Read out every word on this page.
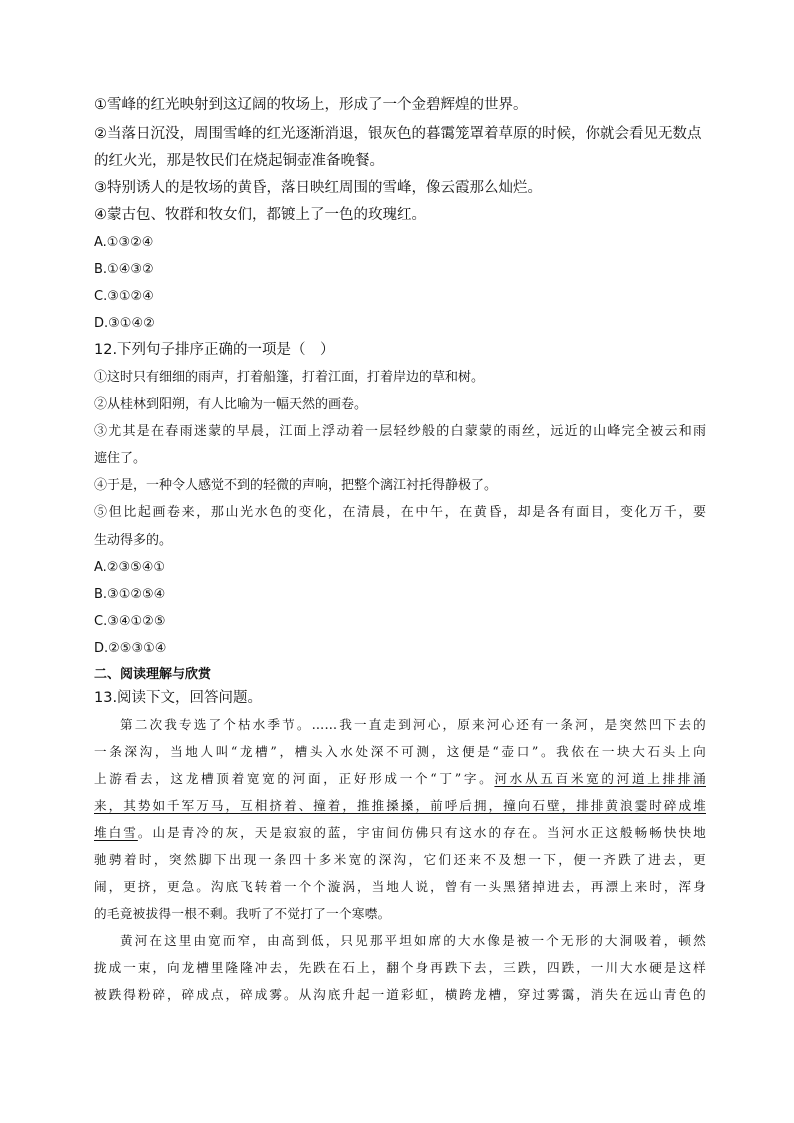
①雪峰的红光映射到这辽阔的牧场上，形成了一个金碧辉煌的世界。
②当落日沉没，周围雪峰的红光逐渐消退，银灰色的暮霭笼罩着草原的时候，你就会看见无数点
的红火光，那是牧民们在烧起铜壶准备晚餐。
③特别诱人的是牧场的黄昏，落日映红周围的雪峰，像云霞那么灿烂。
④蒙古包、牧群和牧女们，都镀上了一色的玫瑰红。
A.①③②④
B.①④③②
C.③①②④
D.③①④②
12.下列句子排序正确的一项是（　）
①这时只有细细的雨声，打着船篷，打着江面，打着岸边的草和树。
②从桂林到阳朔，有人比喻为一幅天然的画卷。
③尤其是在春雨迷蒙的早晨，江面上浮动着一层轻纱般的白蒙蒙的雨丝，远近的山峰完全被云和雨
遮住了。
④于是，一种令人感觉不到的轻微的声响，把整个漓江衬托得静极了。
⑤但比起画卷来，那山光水色的变化，在清晨，在中午，在黄昏，却是各有面目，变化万千，要
生动得多的。
A.②③⑤④①
B.③①②⑤④
C.③④①②⑤
D.②⑤③①④
二、阅读理解与欣赏
13.阅读下文，回答问题。
第二次我专选了个枯水季节。……我一直走到河心，原来河心还有一条河，是突然凹下去的
一条深沟，当地人叫“龙槽”，槽头入水处深不可测，这便是“壶口”。我依在一块大石头上向
上游看去，这龙槽顶着宽宽的河面，正好形成一个“丁”字。河水从五百米宽的河道上排排涌
来，其势如千军万马，互相挤着、撞着，推推搡搡，前呼后拥，撞向石壁，排排黄浪霎时碎成堆
堆白雪。山是青冷的灰，天是寂寂的蓝，宇宙间仿佛只有这水的存在。当河水正这般畅畅快快地
驰骋着时，突然脚下出现一条四十多米宽的深沟，它们还来不及想一下，便一齐跌了进去，更
闹，更挤，更急。沟底飞转着一个个漩涡，当地人说，曾有一头黑猪掉进去，再漂上来时，浑身
的毛竟被拔得一根不剩。我听了不觉打了一个寒噤。
黄河在这里由宽而窄，由高到低，只见那平坦如席的大水像是被一个无形的大洞吸着，顿然
拢成一束，向龙槽里隆隆冲去，先跌在石上，翻个身再跌下去，三跌，四跌，一川大水硬是这样
被跌得粉碎，碎成点，碎成雾。从沟底升起一道彩虹，横跨龙槽，穿过雾霭，消失在远山青色的
